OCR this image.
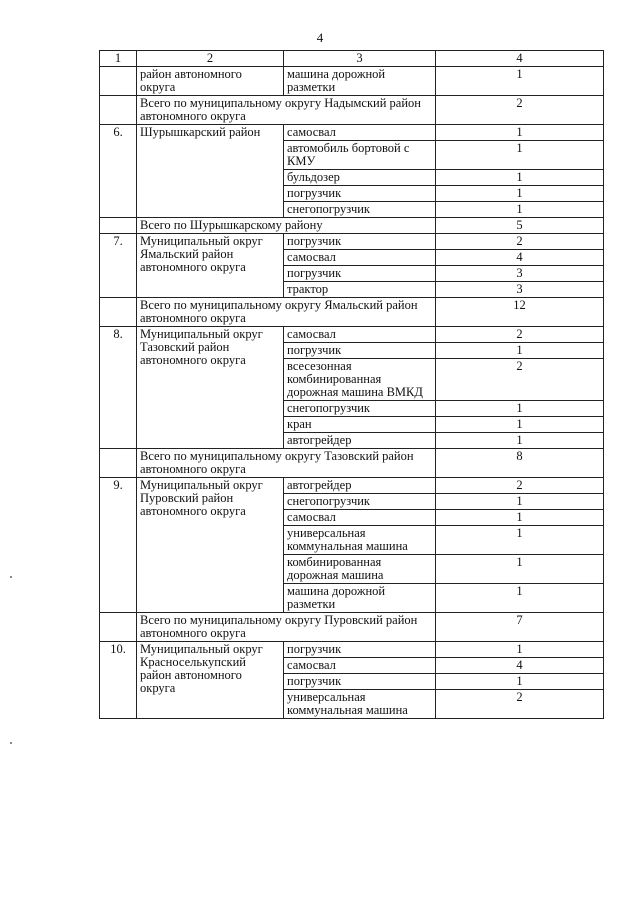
4
1	2	3	4
	район автономного округа	машина дорожной разметки	1
	Всего по муниципальному округу Надымский район автономного округа		2
6.	Шурышкарский район	самосвал	1
		автомобиль бортовой с КМУ	1
		бульдозер	1
		погрузчик	1
		снегопогрузчик	1
	Всего по Шурышкарскому району		5
7.	Муниципальный округ Ямальский район автономного округа	погрузчик	2
		самосвал	4
		погрузчик	3
		трактор	3
	Всего по муниципальному округу Ямальский район автономного округа		12
8.	Муниципальный округ Тазовский район автономного округа	самосвал	2
		погрузчик	1
		всесезонная комбинированная дорожная машина ВМКД	2
		снегопогрузчик	1
		кран	1
		автогрейдер	1
	Всего по муниципальному округу Тазовский район автономного округа		8
9.	Муниципальный округ Пуровский район автономного округа	автогрейдер	2
		снегопогрузчик	1
		самосвал	1
		универсальная коммунальная машина	1
		комбинированная дорожная машина	1
		машина дорожной разметки	1
	Всего по муниципальному округу Пуровский район автономного округа		7
10.	Муниципальный округ Красноселькупский район автономного округа	погрузчик	1
		самосвал	4
		погрузчик	1
		универсальная коммунальная машина	2
